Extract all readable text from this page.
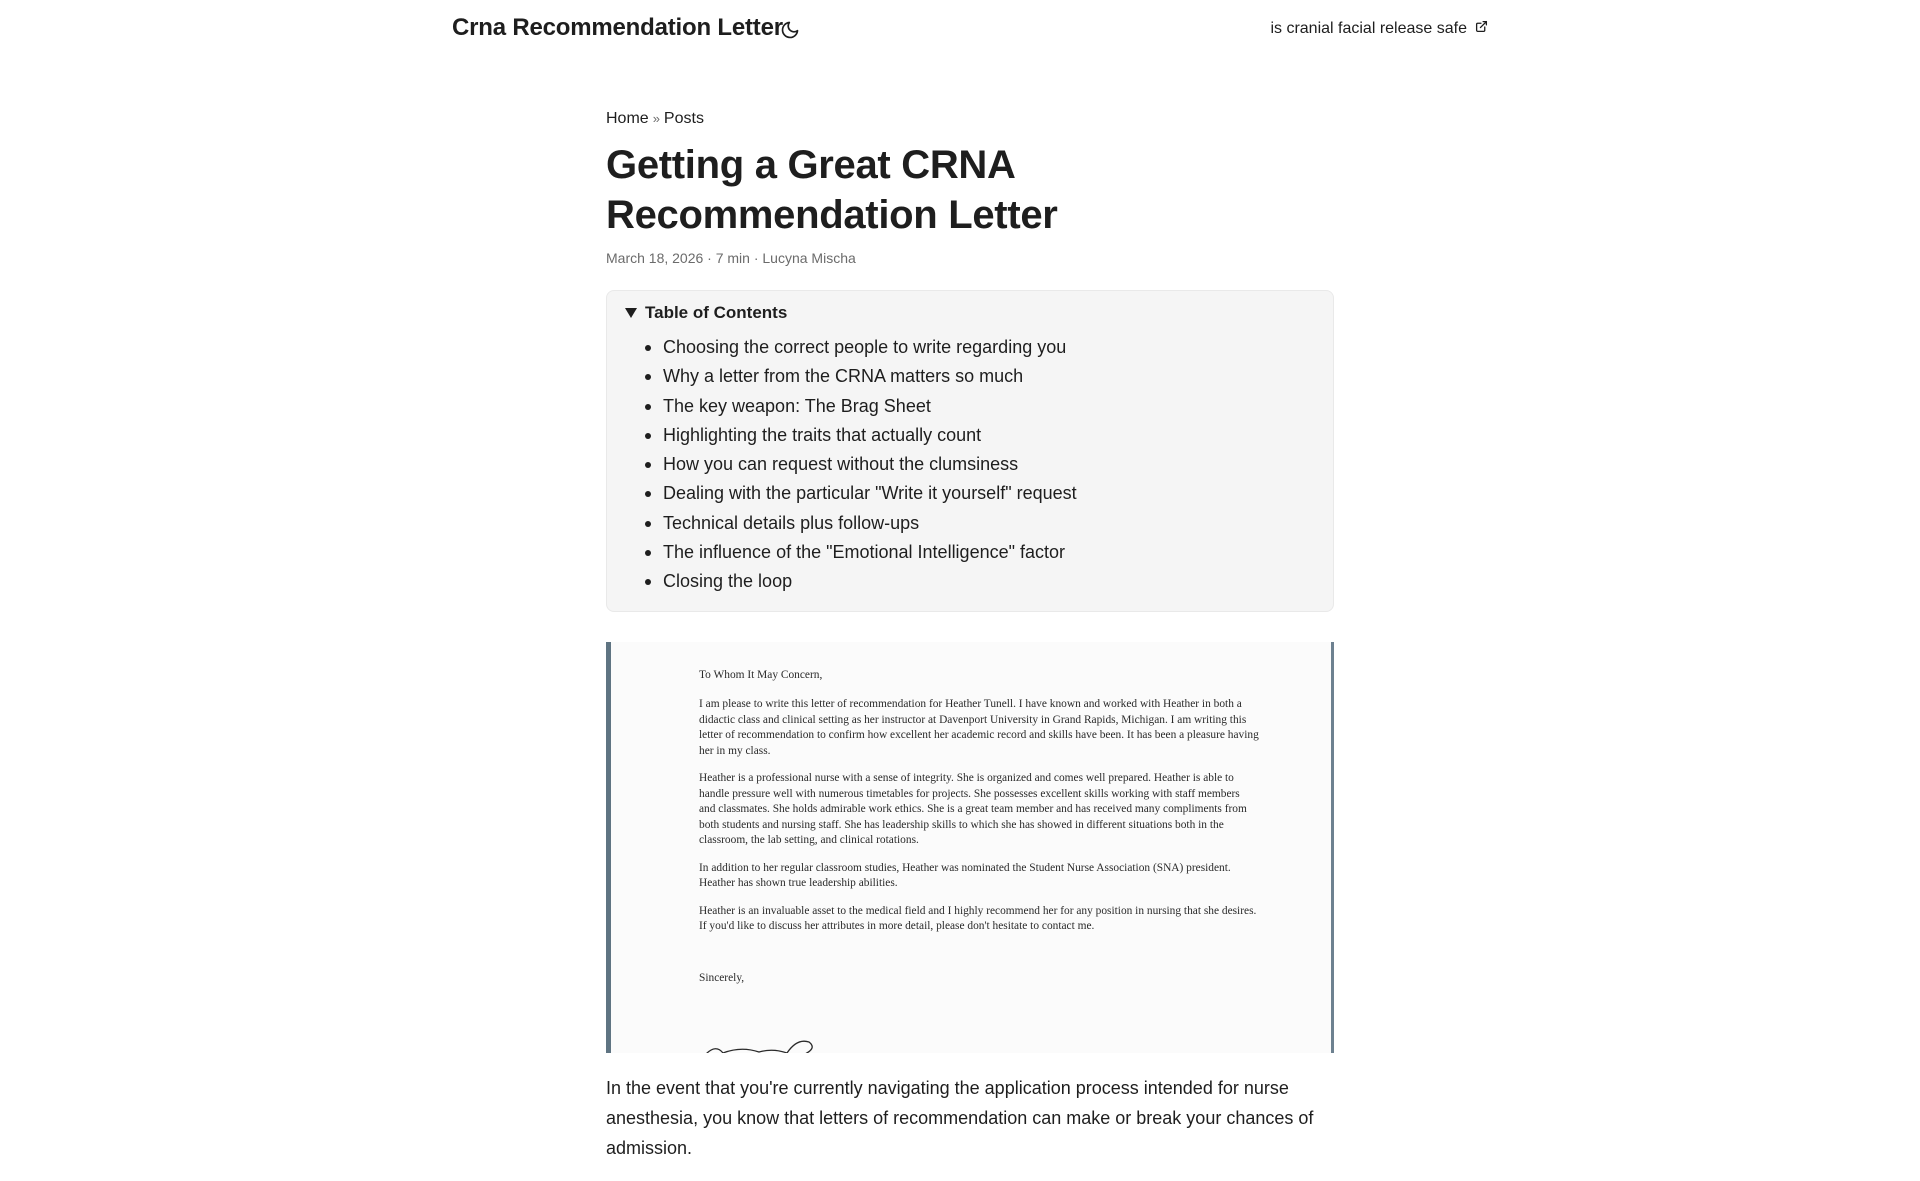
Crna Recommendation Letter	is cranial facial release safe
Home » Posts
Getting a Great CRNA Recommendation Letter
March 18, 2026 · 7 min · Lucyna Mischa
Table of Contents
Choosing the correct people to write regarding you
Why a letter from the CRNA matters so much
The key weapon: The Brag Sheet
Highlighting the traits that actually count
How you can request without the clumsiness
Dealing with the particular "Write it yourself" request
Technical details plus follow-ups
The influence of the "Emotional Intelligence" factor
Closing the loop

To Whom It May Concern,

I am please to write this letter of recommendation for Heather Tunell. I have known and worked with Heather in both a didactic class and clinical setting as her instructor at Davenport University in Grand Rapids, Michigan. I am writing this letter of recommendation to confirm how excellent her academic record and skills have been. It has been a pleasure having her in my class.

Heather is a professional nurse with a sense of integrity. She is organized and comes well prepared. Heather is able to handle pressure well with numerous timetables for projects. She possesses excellent skills working with staff members and classmates. She holds admirable work ethics. She is a great team member and has received many compliments from both students and nursing staff. She has leadership skills to which she has showed in different situations both in the classroom, the lab setting, and clinical rotations.

In addition to her regular classroom studies, Heather was nominated the Student Nurse Association (SNA) president. Heather has shown true leadership abilities.

Heather is an invaluable asset to the medical field and I highly recommend her for any position in nursing that she desires. If you'd like to discuss her attributes in more detail, please don't hesitate to contact me.

Sincerely,

In the event that you're currently navigating the application process intended for nurse anesthesia, you know that letters of recommendation can make or break your chances of admission.
